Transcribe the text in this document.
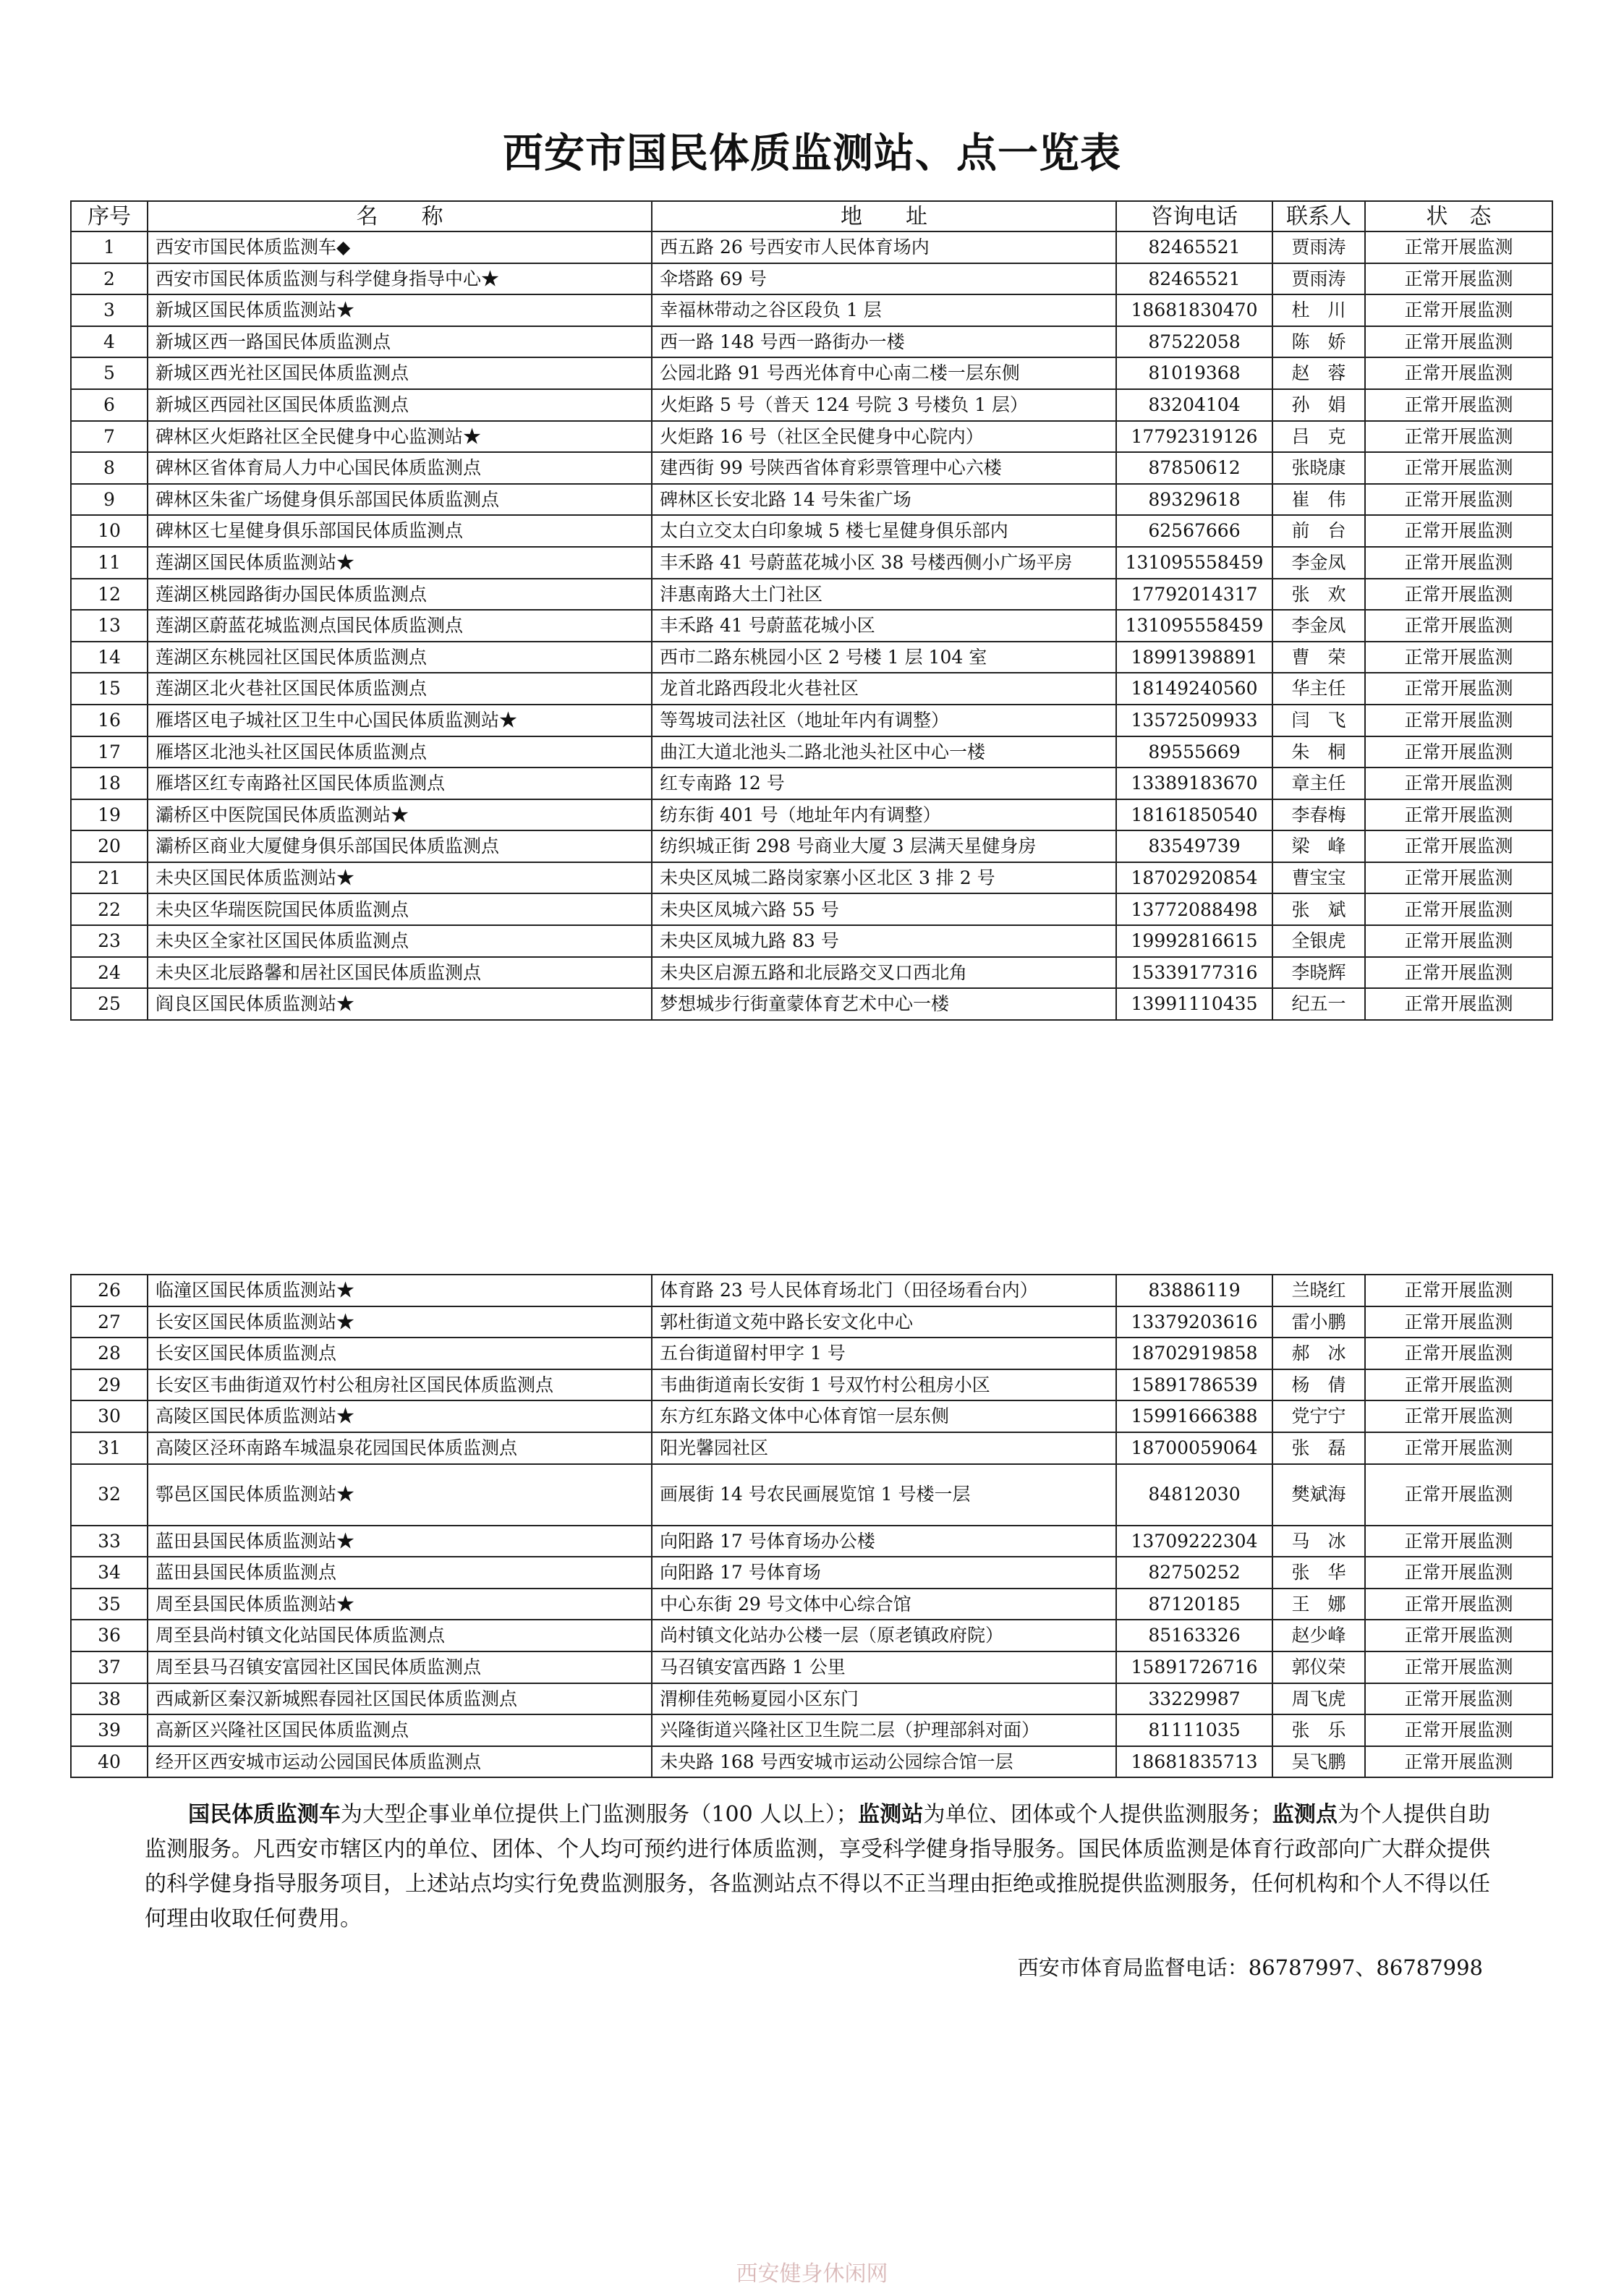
西安市国民体质监测站、点一览表
序号	名　　称	地　　址	咨询电话	联系人	状　态
1	西安市国民体质监测车◆	西五路 26 号西安市人民体育场内	82465521	贾雨涛	正常开展监测
2	西安市国民体质监测与科学健身指导中心★	伞塔路 69 号	82465521	贾雨涛	正常开展监测
3	新城区国民体质监测站★	幸福林带动之谷区段负 1 层	18681830470	杜　川	正常开展监测
4	新城区西一路国民体质监测点	西一路 148 号西一路街办一楼	87522058	陈　娇	正常开展监测
5	新城区西光社区国民体质监测点	公园北路 91 号西光体育中心南二楼一层东侧	81019368	赵　蓉	正常开展监测
6	新城区西园社区国民体质监测点	火炬路 5 号（普天 124 号院 3 号楼负 1 层）	83204104	孙　娟	正常开展监测
7	碑林区火炬路社区全民健身中心监测站★	火炬路 16 号（社区全民健身中心院内）	17792319126	吕　克	正常开展监测
8	碑林区省体育局人力中心国民体质监测点	建西街 99 号陕西省体育彩票管理中心六楼	87850612	张晓康	正常开展监测
9	碑林区朱雀广场健身俱乐部国民体质监测点	碑林区长安北路 14 号朱雀广场	89329618	崔　伟	正常开展监测
10	碑林区七星健身俱乐部国民体质监测点	太白立交太白印象城 5 楼七星健身俱乐部内	62567666	前　台	正常开展监测
11	莲湖区国民体质监测站★	丰禾路 41 号蔚蓝花城小区 38 号楼西侧小广场平房	131095558459	李金凤	正常开展监测
12	莲湖区桃园路街办国民体质监测点	沣惠南路大土门社区	17792014317	张　欢	正常开展监测
13	莲湖区蔚蓝花城监测点国民体质监测点	丰禾路 41 号蔚蓝花城小区	131095558459	李金凤	正常开展监测
14	莲湖区东桃园社区国民体质监测点	西市二路东桃园小区 2 号楼 1 层 104 室	18991398891	曹　荣	正常开展监测
15	莲湖区北火巷社区国民体质监测点	龙首北路西段北火巷社区	18149240560	华主任	正常开展监测
16	雁塔区电子城社区卫生中心国民体质监测站★	等驾坡司法社区（地址年内有调整）	13572509933	闫　飞	正常开展监测
17	雁塔区北池头社区国民体质监测点	曲江大道北池头二路北池头社区中心一楼	89555669	朱　桐	正常开展监测
18	雁塔区红专南路社区国民体质监测点	红专南路 12 号	13389183670	章主任	正常开展监测
19	灞桥区中医院国民体质监测站★	纺东街 401 号（地址年内有调整）	18161850540	李春梅	正常开展监测
20	灞桥区商业大厦健身俱乐部国民体质监测点	纺织城正街 298 号商业大厦 3 层满天星健身房	83549739	梁　峰	正常开展监测
21	未央区国民体质监测站★	未央区凤城二路岗家寨小区北区 3 排 2 号	18702920854	曹宝宝	正常开展监测
22	未央区华瑞医院国民体质监测点	未央区凤城六路 55 号	13772088498	张　斌	正常开展监测
23	未央区全家社区国民体质监测点	未央区凤城九路 83 号	19992816615	全银虎	正常开展监测
24	未央区北辰路馨和居社区国民体质监测点	未央区启源五路和北辰路交叉口西北角	15339177316	李晓辉	正常开展监测
25	阎良区国民体质监测站★	梦想城步行街童蒙体育艺术中心一楼	13991110435	纪五一	正常开展监测
26	临潼区国民体质监测站★	体育路 23 号人民体育场北门（田径场看台内）	83886119	兰晓红	正常开展监测
27	长安区国民体质监测站★	郭杜街道文苑中路长安文化中心	13379203616	雷小鹏	正常开展监测
28	长安区国民体质监测点	五台街道留村甲字 1 号	18702919858	郝　冰	正常开展监测
29	长安区韦曲街道双竹村公租房社区国民体质监测点	韦曲街道南长安街 1 号双竹村公租房小区	15891786539	杨　倩	正常开展监测
30	高陵区国民体质监测站★	东方红东路文体中心体育馆一层东侧	15991666388	党宁宁	正常开展监测
31	高陵区泾环南路车城温泉花园国民体质监测点	阳光馨园社区	18700059064	张　磊	正常开展监测
32	鄠邑区国民体质监测站★	画展街 14 号农民画展览馆 1 号楼一层	84812030	樊斌海	正常开展监测
33	蓝田县国民体质监测站★	向阳路 17 号体育场办公楼	13709222304	马　冰	正常开展监测
34	蓝田县国民体质监测点	向阳路 17 号体育场	82750252	张　华	正常开展监测
35	周至县国民体质监测站★	中心东街 29 号文体中心综合馆	87120185	王　娜	正常开展监测
36	周至县尚村镇文化站国民体质监测点	尚村镇文化站办公楼一层（原老镇政府院）	85163326	赵少峰	正常开展监测
37	周至县马召镇安富园社区国民体质监测点	马召镇安富西路 1 公里	15891726716	郭仪荣	正常开展监测
38	西咸新区秦汉新城熙春园社区国民体质监测点	渭柳佳苑畅夏园小区东门	33229987	周飞虎	正常开展监测
39	高新区兴隆社区国民体质监测点	兴隆街道兴隆社区卫生院二层（护理部斜对面）	81111035	张　乐	正常开展监测
40	经开区西安城市运动公园国民体质监测点	未央路 168 号西安城市运动公园综合馆一层	18681835713	吴飞鹏	正常开展监测
国民体质监测车为大型企事业单位提供上门监测服务（100 人以上）；监测站为单位、团体或个人提供监测服务；监测点为个人提供自助监测服务。凡西安市辖区内的单位、团体、个人均可预约进行体质监测，享受科学健身指导服务。国民体质监测是体育行政部向广大群众提供的科学健身指导服务项目，上述站点均实行免费监测服务，各监测站点不得以不正当理由拒绝或推脱提供监测服务，任何机构和个人不得以任何理由收取任何费用。
西安市体育局监督电话：86787997、86787998
西安健身休闲网
